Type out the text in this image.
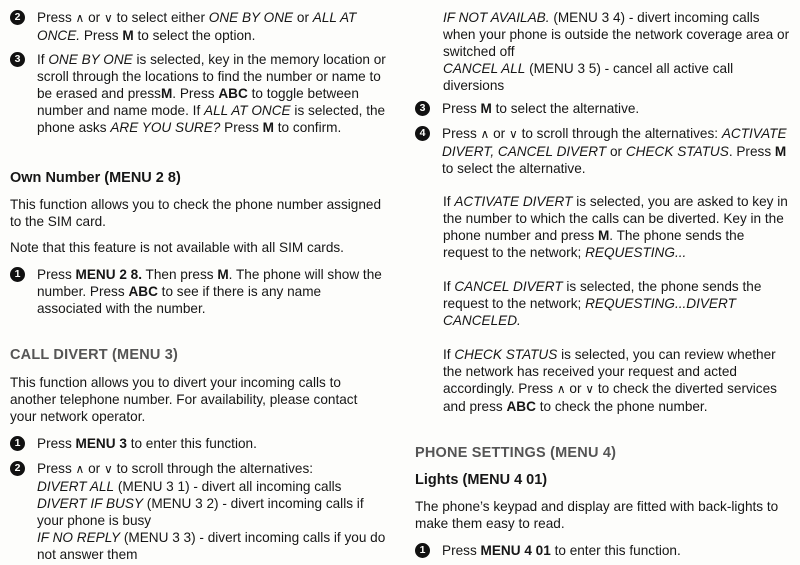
2	Press ∧ or ∨ to select either ONE BY ONE or ALL AT ONCE. Press M to select the option.
3	If ONE BY ONE is selected, key in the memory location or scroll through the locations to find the number or name to be erased and pressM. Press ABC to toggle between number and name mode. If ALL AT ONCE is selected, the phone asks ARE YOU SURE? Press M to confirm.
Own Number (MENU 2 8)

This function allows you to check the phone number assigned to the SIM card.

Note that this feature is not available with all SIM cards.

1	Press MENU 2 8. Then press M. The phone will show the number. Press ABC to see if there is any name associated with the number.
CALL DIVERT (MENU 3)

This function allows you to divert your incoming calls to another telephone number. For availability, please contact your network operator.

1	Press MENU 3 to enter this function.
2	Press ∧ or ∨ to scroll through the alternatives:
DIVERT ALL (MENU 3 1) - divert all incoming calls
DIVERT IF BUSY (MENU 3 2) - divert incoming calls if your phone is busy
IF NO REPLY (MENU 3 3) - divert incoming calls if you do not answer them
IF NOT AVAILAB. (MENU 3 4) - divert incoming calls when your phone is outside the network coverage area or switched off
CANCEL ALL (MENU 3 5) - cancel all active call diversions
3	Press M to select the alternative.
4	Press ∧ or ∨ to scroll through the alternatives: ACTIVATE DIVERT, CANCEL DIVERT or CHECK STATUS. Press M to select the alternative.

If ACTIVATE DIVERT is selected, you are asked to key in the number to which the calls can be diverted. Key in the phone number and press M. The phone sends the request to the network; REQUESTING...

If CANCEL DIVERT is selected, the phone sends the request to the network; REQUESTING...DIVERT CANCELED.

If CHECK STATUS is selected, you can review whether the network has received your request and acted accordingly. Press ∧ or ∨ to check the diverted services and press ABC to check the phone number.

PHONE SETTINGS (MENU 4)
Lights (MENU 4 01)

The phone’s keypad and display are fitted with back-lights to make them easy to read.

1	Press MENU 4 01 to enter this function.
